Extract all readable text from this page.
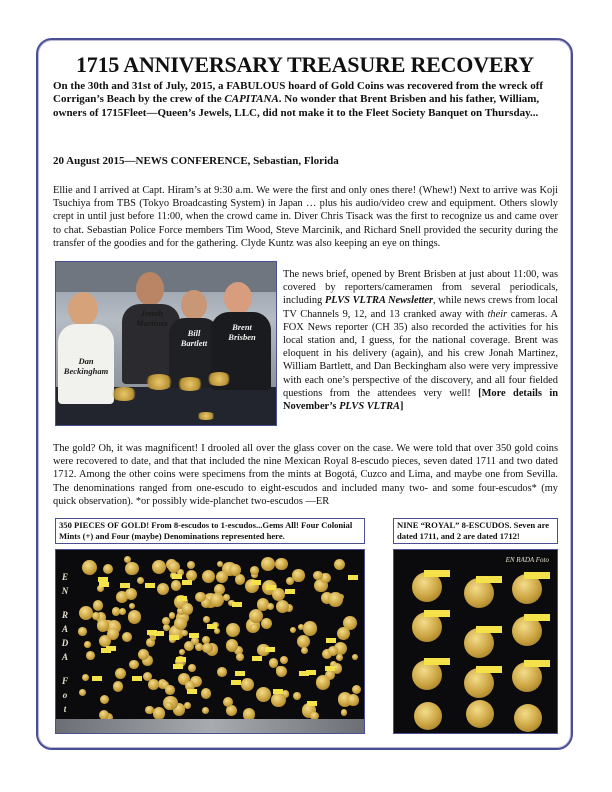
1715 ANNIVERSARY TREASURE RECOVERY
On the 30th and 31st of July, 2015, a FABULOUS hoard of Gold Coins was recovered from the wreck off Corrigan’s Beach by the crew of the CAPITANA. No wonder that Brent Brisben and his father, William, owners of 1715Fleet—Queen’s Jewels, LLC, did not make it to the Fleet Society Banquet on Thursday...
20 August 2015—NEWS CONFERENCE, Sebastian, Florida
Ellie and I arrived at Capt. Hiram’s at 9:30 a.m. We were the first and only ones there! (Whew!) Next to arrive was Koji Tsuchiya from TBS (Tokyo Broadcasting System) in Japan … plus his audio/video crew and equipment. Others slowly crept in until just before 11:00, when the crowd came in. Diver Chris Tisack was the first to recognize us and came over to chat. Sebastian Police Force members Tim Wood, Steve Marcinik, and Richard Snell provided the security during the transfer of the goodies and for the gathering. Clyde Kuntz was also keeping an eye on things.
Jonah Martinez
Bill Bartlett
Brent Brisben
Dan Beckingham
The news brief, opened by Brent Brisben at just about 11:00, was covered by reporters/cameramen from several periodicals, including PLVS VLTRA Newsletter, while news crews from local TV Channels 9, 12, and 13 cranked away with their cameras. A FOX News reporter (CH 35) also recorded the activities for his local station and, I guess, for the national coverage. Brent was eloquent in his delivery (again), and his crew Jonah Martinez, William Bartlett, and Dan Beckingham also were very impressive with each one’s perspective of the discovery, and all four fielded questions from the attendees very well! [More details in November’s PLVS VLTRA]
The gold? Oh, it was magnificent! I drooled all over the glass cover on the case. We were told that over 350 gold coins were recovered to date, and that that included the nine Mexican Royal 8-escudo pieces, seven dated 1711 and two dated 1712. Among the other coins were specimens from the mints at Bogotá, Cuzco and Lima, and maybe one from Sevilla. The denominations ranged from one-escudo to eight-escudos and included many two- and some four-escudos* (my quick observation). *or possibly wide-planchet two-escudos —ER
350 PIECES OF GOLD! From 8-escudos to 1-escudos...Gems All! Four Colonial Mints (+) and Four (maybe) Denominations represented here.
NINE “ROYAL” 8-ESCUDOS. Seven are dated 1711, and 2 are dated 1712!
E
N
R
A
D
A
F
o
t
EN RADA Foto
